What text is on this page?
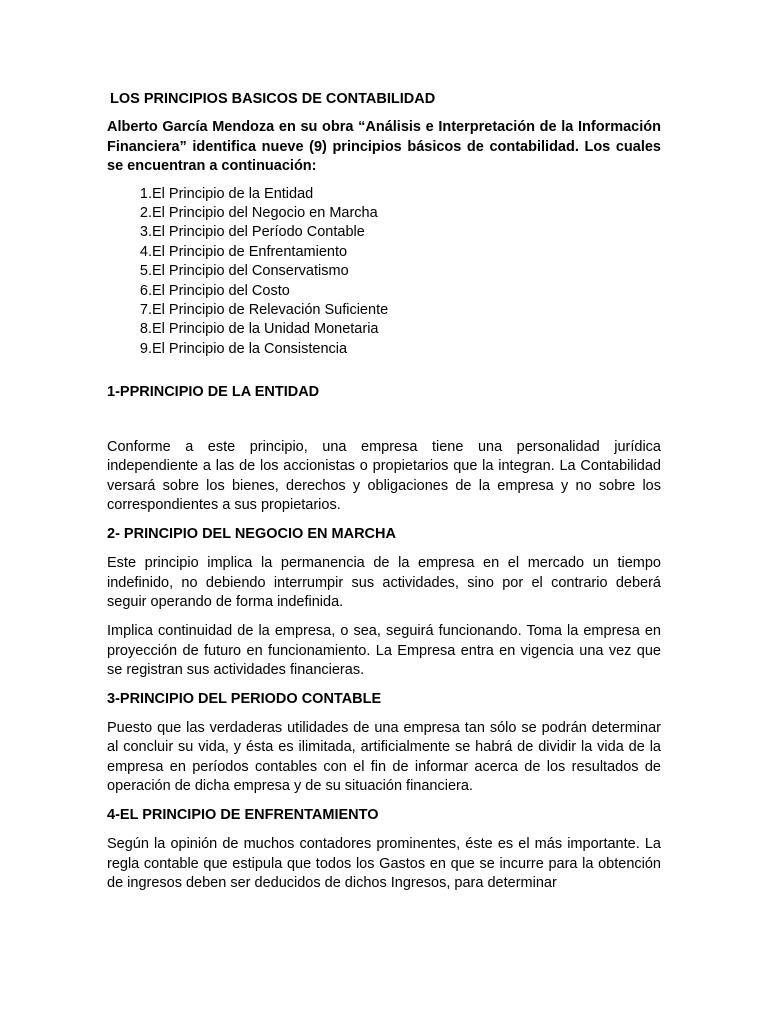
LOS PRINCIPIOS BASICOS DE CONTABILIDAD
Alberto García Mendoza en su obra “Análisis e Interpretación de la Información Financiera” identifica nueve (9) principios básicos de contabilidad. Los cuales se encuentran a continuación:
1. El Principio de la Entidad
2. El Principio del Negocio en Marcha
3. El Principio del Período Contable
4. El Principio de Enfrentamiento
5. El Principio del Conservatismo
6. El Principio del Costo
7. El Principio de Relevación Suficiente
8. El Principio de la Unidad Monetaria
9. El Principio de la Consistencia
1-PPRINCIPIO DE LA ENTIDAD

Conforme a este principio, una empresa tiene una personalidad jurídica independiente a las de los accionistas o propietarios que la integran. La Contabilidad versará sobre los bienes, derechos y obligaciones de la empresa y no sobre los correspondientes a sus propietarios.

2- PRINCIPIO DEL NEGOCIO EN MARCHA

Este principio implica la permanencia de la empresa en el mercado un tiempo indefinido, no debiendo interrumpir sus actividades, sino por el contrario deberá seguir operando de forma indefinida.

Implica continuidad de la empresa, o sea, seguirá funcionando. Toma la empresa en proyección de futuro en funcionamiento. La Empresa entra en vigencia una vez que se registran sus actividades financieras.

3-PRINCIPIO DEL PERIODO CONTABLE

Puesto que las verdaderas utilidades de una empresa tan sólo se podrán determinar al concluir su vida, y ésta es ilimitada, artificialmente se habrá de dividir la vida de la empresa en períodos contables con el fin de informar acerca de los resultados de operación de dicha empresa y de su situación financiera.

4-EL PRINCIPIO DE ENFRENTAMIENTO

Según la opinión de muchos contadores prominentes, éste es el más importante. La regla contable que estipula que todos los Gastos en que se incurre para la obtención de ingresos deben ser deducidos de dichos Ingresos, para determinar
